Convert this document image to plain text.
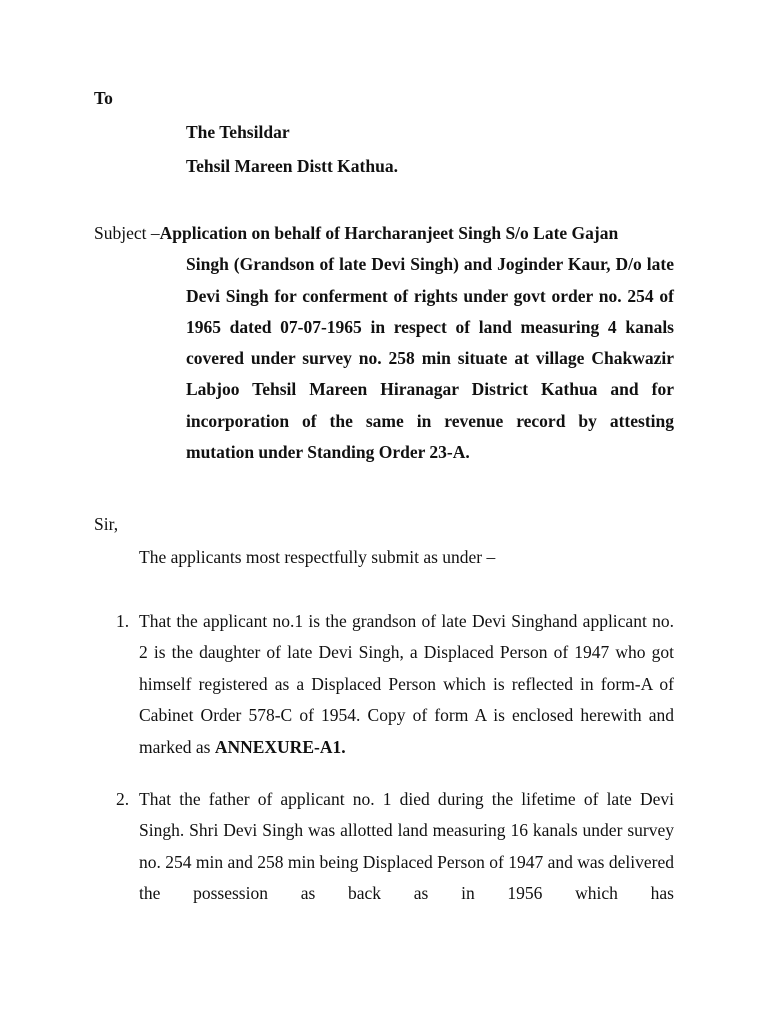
To
The Tehsildar
Tehsil Mareen Distt Kathua.
Subject –Application on behalf of Harcharanjeet Singh S/o Late Gajan
Singh (Grandson of late Devi Singh) and Joginder Kaur, D/o late Devi Singh for conferment of rights under govt order no. 254 of 1965 dated 07-07-1965 in respect of land measuring 4 kanals covered under survey no. 258 min situate at village Chakwazir Labjoo Tehsil Mareen Hiranagar District Kathua and for incorporation of the same in revenue record by attesting mutation under Standing Order 23-A.
Sir,
The applicants most respectfully submit as under –
1. That the applicant no.1 is the grandson of late Devi Singhand applicant no. 2 is the daughter of late Devi Singh, a Displaced Person of 1947 who got himself registered as a Displaced Person which is reflected in form-A of Cabinet Order 578-C of 1954. Copy of form A is enclosed herewith and marked as ANNEXURE-A1.
2. That the father of applicant no. 1 died during the lifetime of late Devi Singh. Shri Devi Singh was allotted land measuring 16 kanals under survey no. 254 min and 258 min being Displaced Person of 1947 and was delivered the possession as back as in 1956 which has
